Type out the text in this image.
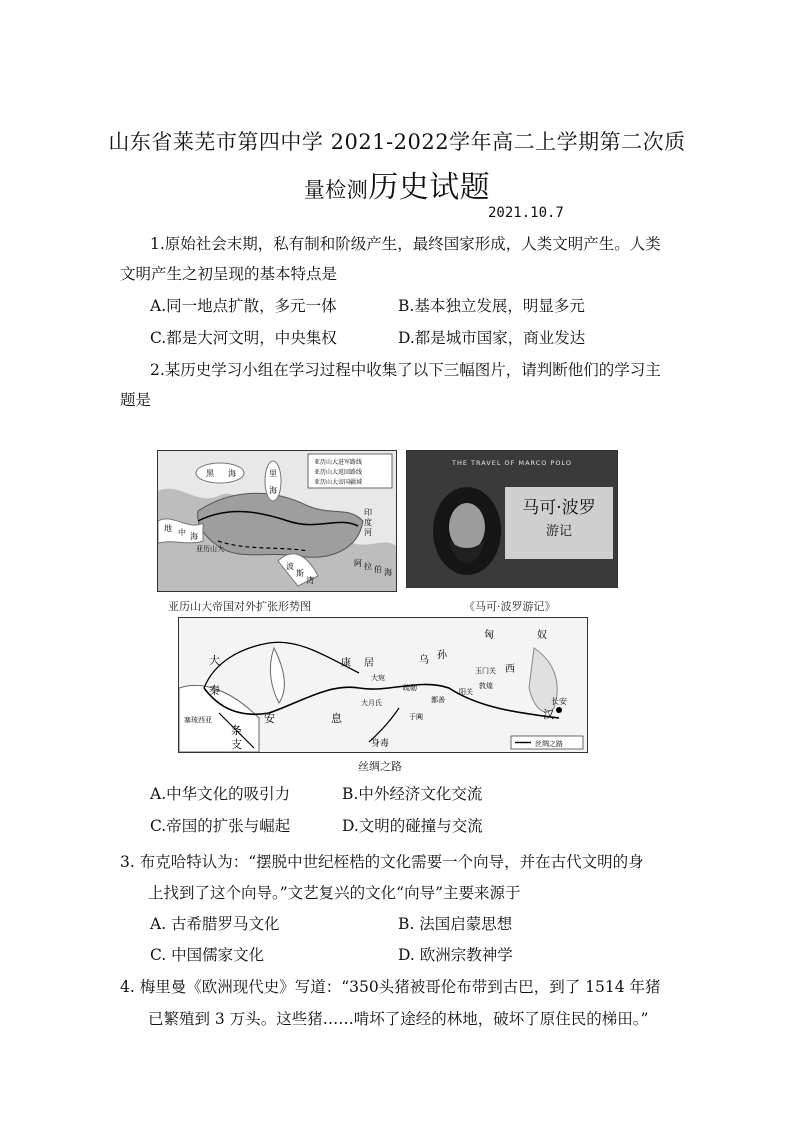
山东省莱芜市第四中学 2021-2022学年高二上学期第二次质
量检测历史试题
2021.10.7
1.原始社会末期，私有制和阶级产生，最终国家形成，人类文明产生。人类
文明产生之初呈现的基本特点是
A.同一地点扩散，多元一体	B.基本独立发展，明显多元
C.都是大河文明，中央集权	D.都是城市国家，商业发达
2.某历史学习小组在学习过程中收集了以下三幅图片，请判断他们的学习主
题是
亚历山大进军路线
亚历山大返回路线
亚历山大帝国疆域
黑 海	里
海
地 中 海
亚历山大
波
斯
湾
阿 拉 伯 海
印
度
河
亚历山大帝国对外扩张形势图
THE TRAVEL OF MARCO POLO
马可·波罗
游记
《马可·波罗游记》
丝绸之路
匈	奴
大
秦
康 居	乌 孙
大宛
疏勒
玉门关 西
敦煌
阳关
鄯善
大月氏
于阗
塞琉西亚	安	息
条
支	身毒
汉
长安
丝绸之路
A.中华文化的吸引力	B.中外经济文化交流
C.帝国的扩张与崛起	D.文明的碰撞与交流
3. 布克哈特认为：“摆脱中世纪桎梏的文化需要一个向导，并在古代文明的身
上找到了这个向导。”文艺复兴的文化“向导”主要来源于
A. 古希腊罗马文化	B. 法国启蒙思想
C. 中国儒家文化	D. 欧洲宗教神学
4. 梅里曼《欧洲现代史》写道：“350头猪被哥伦布带到古巴，到了 1514 年猪
已繁殖到 3 万头。这些猪……啃坏了途经的林地，破坏了原住民的梯田。”
